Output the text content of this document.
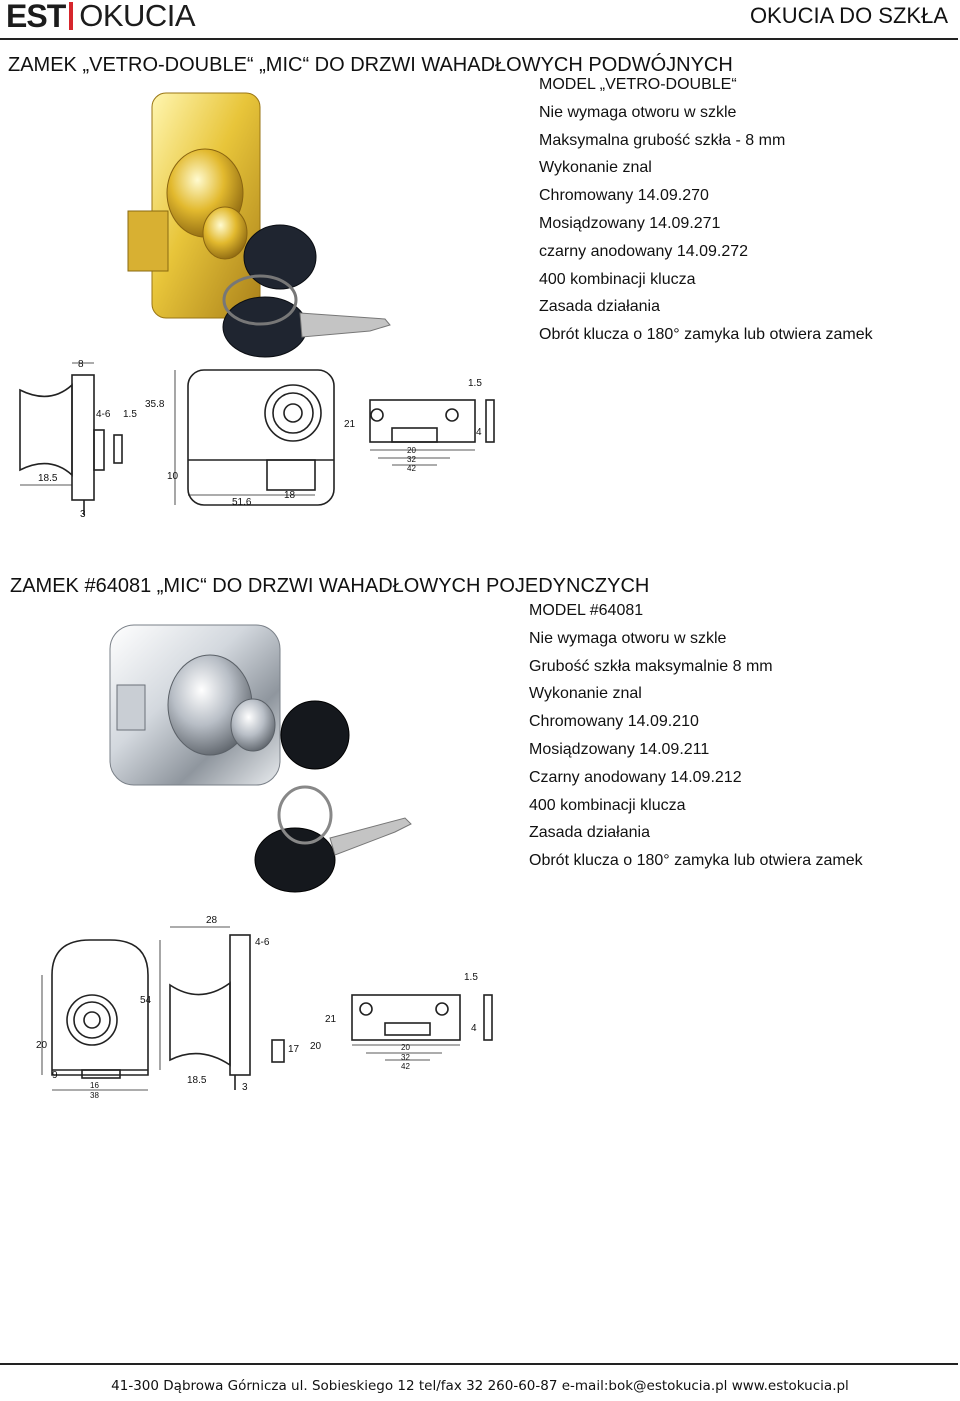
EST OKUCIA	OKUCIA DO SZKŁA
ZAMEK „VETRO-DOUBLE“ „MIC“ DO DRZWI WAHADŁOWYCH PODWÓJNYCH
MODEL „VETRO-DOUBLE“
Nie wymaga otworu w szkle
Maksymalna grubość szkła - 8 mm
Wykonanie znal
Chromowany 14.09.270
Mosiądzowany 14.09.271
czarny anodowany 14.09.272
400 kombinacji klucza
Zasada działania
Obrót klucza o 180° zamyka lub otwiera zamek
8
4-6 1.5
35.8
18.5
3
10
51.6
18
21
1.5
4
20
32
42
ZAMEK #64081 „MIC“ DO DRZWI WAHADŁOWYCH POJEDYNCZYCH
MODEL #64081
Nie wymaga otworu w szkle
Grubość szkła maksymalnie 8 mm
Wykonanie znal
Chromowany 14.09.210
Mosiądzowany 14.09.211
Czarny anodowany 14.09.212
400 kombinacji klucza
Zasada działania
Obrót klucza o 180° zamyka lub otwiera zamek
28
4-6
54
20
9
16
38
18.5
3
17 20
21
1.5
4
20
32
42
41-300 Dąbrowa Górnicza ul. Sobieskiego 12 tel/fax 32 260-60-87 e-mail:bok@estokucia.pl www.estokucia.pl
